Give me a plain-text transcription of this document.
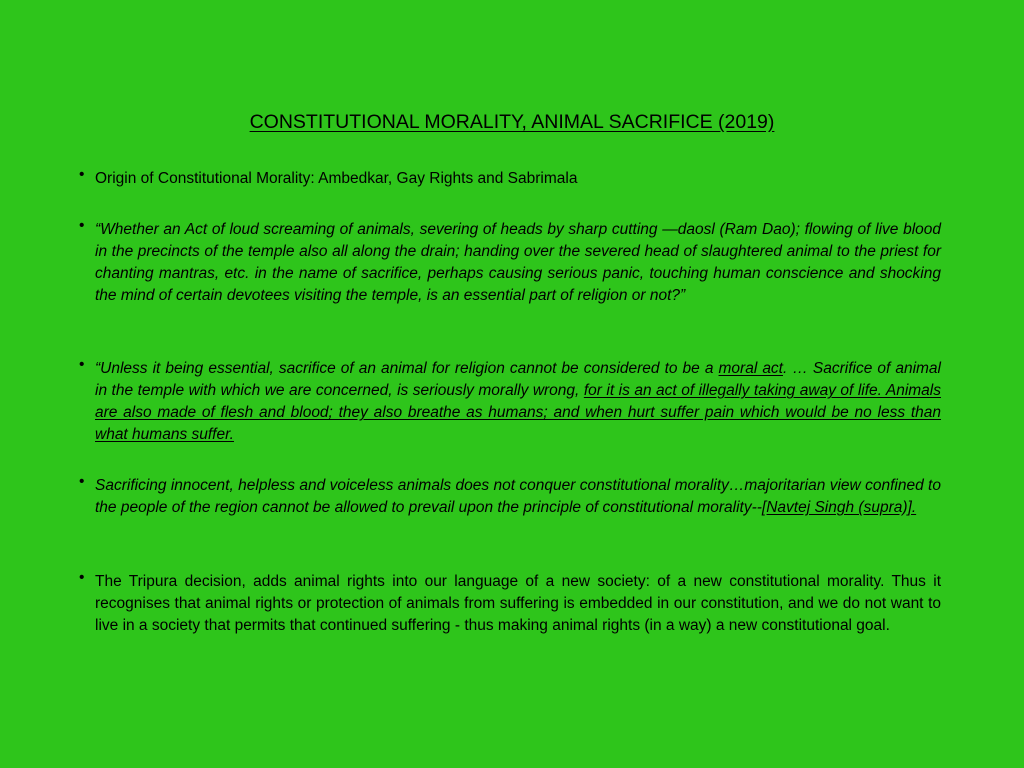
CONSTITUTIONAL MORALITY, ANIMAL SACRIFICE (2019)
• Origin of Constitutional Morality: Ambedkar, Gay Rights and Sabrimala
• “Whether an Act of loud screaming of animals, severing of heads by sharp cutting ―daosl (Ram Dao); flowing of live blood in the precincts of the temple also all along the drain; handing over the severed head of slaughtered animal to the priest for chanting mantras, etc. in the name of sacrifice, perhaps causing serious panic, touching human conscience and shocking the mind of certain devotees visiting the temple, is an essential part of religion or not?”
• “Unless it being essential, sacrifice of an animal for religion cannot be considered to be a moral act. … Sacrifice of animal in the temple with which we are concerned, is seriously morally wrong, for it is an act of illegally taking away of life. Animals are also made of flesh and blood; they also breathe as humans; and when hurt suffer pain which would be no less than what humans suffer.
• Sacrificing innocent, helpless and voiceless animals does not conquer constitutional morality…majoritarian view confined to the people of the region cannot be allowed to prevail upon the principle of constitutional morality--[Navtej Singh (supra)].
• The Tripura decision, adds animal rights into our language of a new society: of a new constitutional morality. Thus it recognises that animal rights or protection of animals from suffering is embedded in our constitution, and we do not want to live in a society that permits that continued suffering - thus making animal rights (in a way) a new constitutional goal.
